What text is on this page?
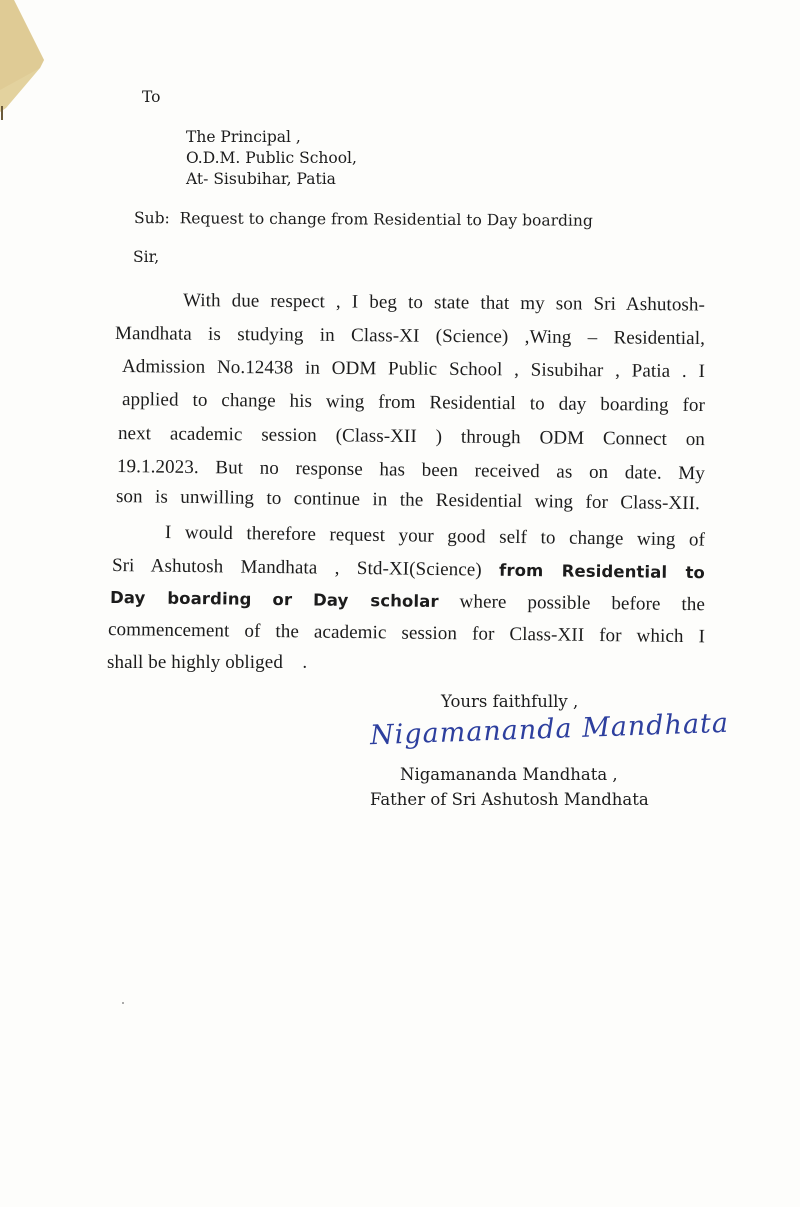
To
The Principal ,
O.D.M. Public School,
At- Sisubihar, Patia
Sub: Request to change from Residential to Day boarding
Sir,
With due respect , I beg to state that my son Sri Ashutosh-
Mandhata is studying in Class-XI (Science) ,Wing – Residential,
Admission No.12438 in ODM Public School , Sisubihar , Patia . I
applied to change his wing from Residential to day boarding for
next academic session (Class-XII ) through ODM Connect on
19.1.2023. But no response has been received as on date. My
son is unwilling to continue in the Residential wing for Class-XII.
I would therefore request your good self to change wing of
Sri Ashutosh Mandhata , Std-XI(Science) from Residential to
Day boarding or Day scholar where possible before the
commencement of the academic session for Class-XII for which I
shall be highly obliged    .
Yours faithfully ,
Nigamananda Mandhata
Nigamananda Mandhata ,
Father of Sri Ashutosh Mandhata
